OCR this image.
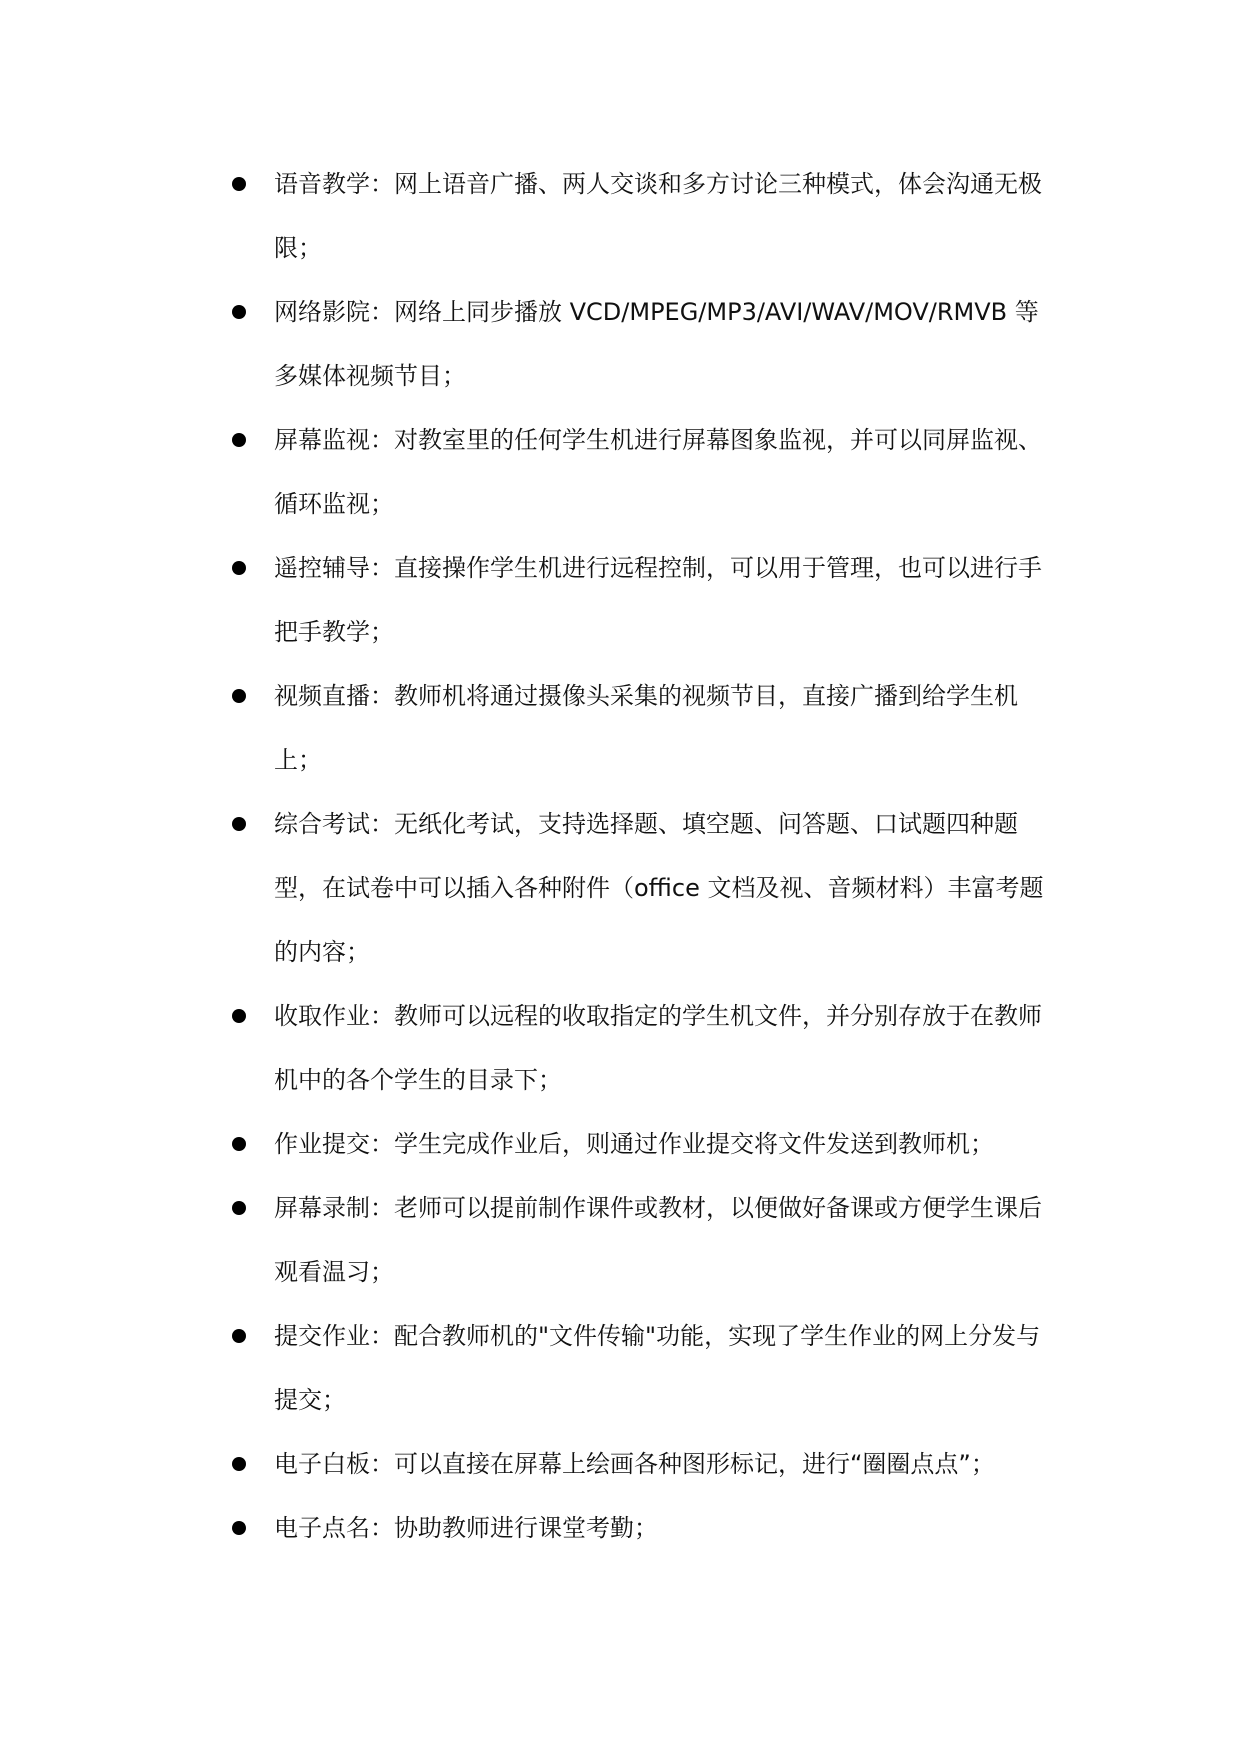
语音教学：网上语音广播、两人交谈和多方讨论三种模式，体会沟通无极限；
网络影院：网络上同步播放 VCD/MPEG/MP3/AVI/WAV/MOV/RMVB 等多媒体视频节目；
屏幕监视：对教室里的任何学生机进行屏幕图象监视，并可以同屏监视、循环监视；
遥控辅导：直接操作学生机进行远程控制，可以用于管理，也可以进行手把手教学；
视频直播：教师机将通过摄像头采集的视频节目，直接广播到给学生机上；
综合考试：无纸化考试，支持选择题、填空题、问答题、口试题四种题型，在试卷中可以插入各种附件（office 文档及视、音频材料）丰富考题的内容；
收取作业：教师可以远程的收取指定的学生机文件，并分别存放于在教师机中的各个学生的目录下；
作业提交：学生完成作业后，则通过作业提交将文件发送到教师机；
屏幕录制：老师可以提前制作课件或教材，以便做好备课或方便学生课后观看温习；
提交作业：配合教师机的"文件传输"功能，实现了学生作业的网上分发与提交；
电子白板：可以直接在屏幕上绘画各种图形标记，进行“圈圈点点”；
电子点名：协助教师进行课堂考勤；
